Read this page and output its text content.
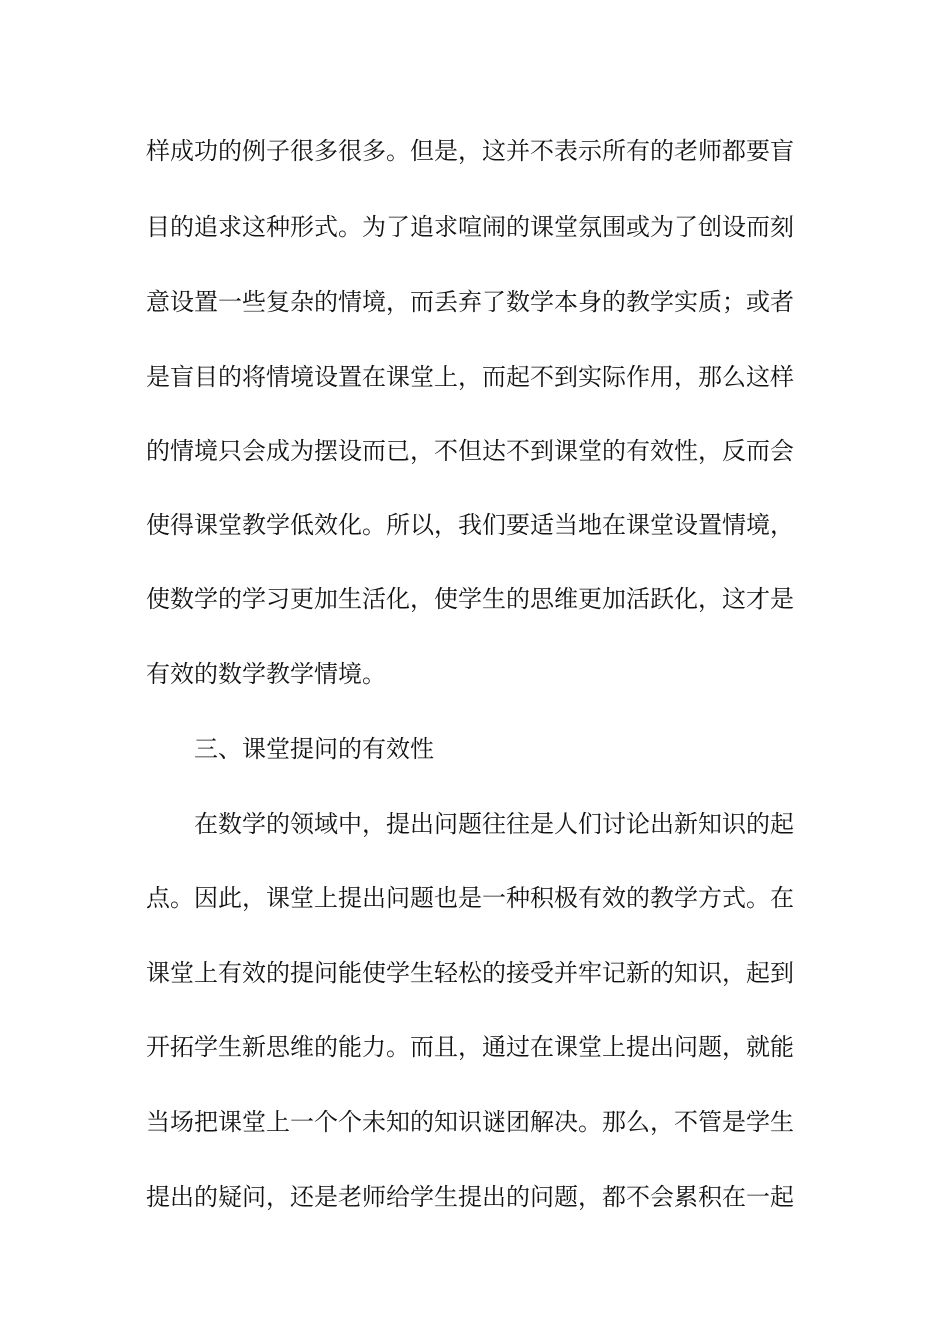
样成功的例子很多很多。但是，这并不表示所有的老师都要盲
目的追求这种形式。为了追求喧闹的课堂氛围或为了创设而刻
意设置一些复杂的情境，而丢弃了数学本身的教学实质；或者
是盲目的将情境设置在课堂上，而起不到实际作用，那么这样
的情境只会成为摆设而已，不但达不到课堂的有效性，反而会
使得课堂教学低效化。所以，我们要适当地在课堂设置情境，
使数学的学习更加生活化，使学生的思维更加活跃化，这才是
有效的数学教学情境。
三、课堂提问的有效性
在数学的领域中，提出问题往往是人们讨论出新知识的起
点。因此，课堂上提出问题也是一种积极有效的教学方式。在
课堂上有效的提问能使学生轻松的接受并牢记新的知识，起到
开拓学生新思维的能力。而且，通过在课堂上提出问题，就能
当场把课堂上一个个未知的知识谜团解决。那么，不管是学生
提出的疑问，还是老师给学生提出的问题，都不会累积在一起
